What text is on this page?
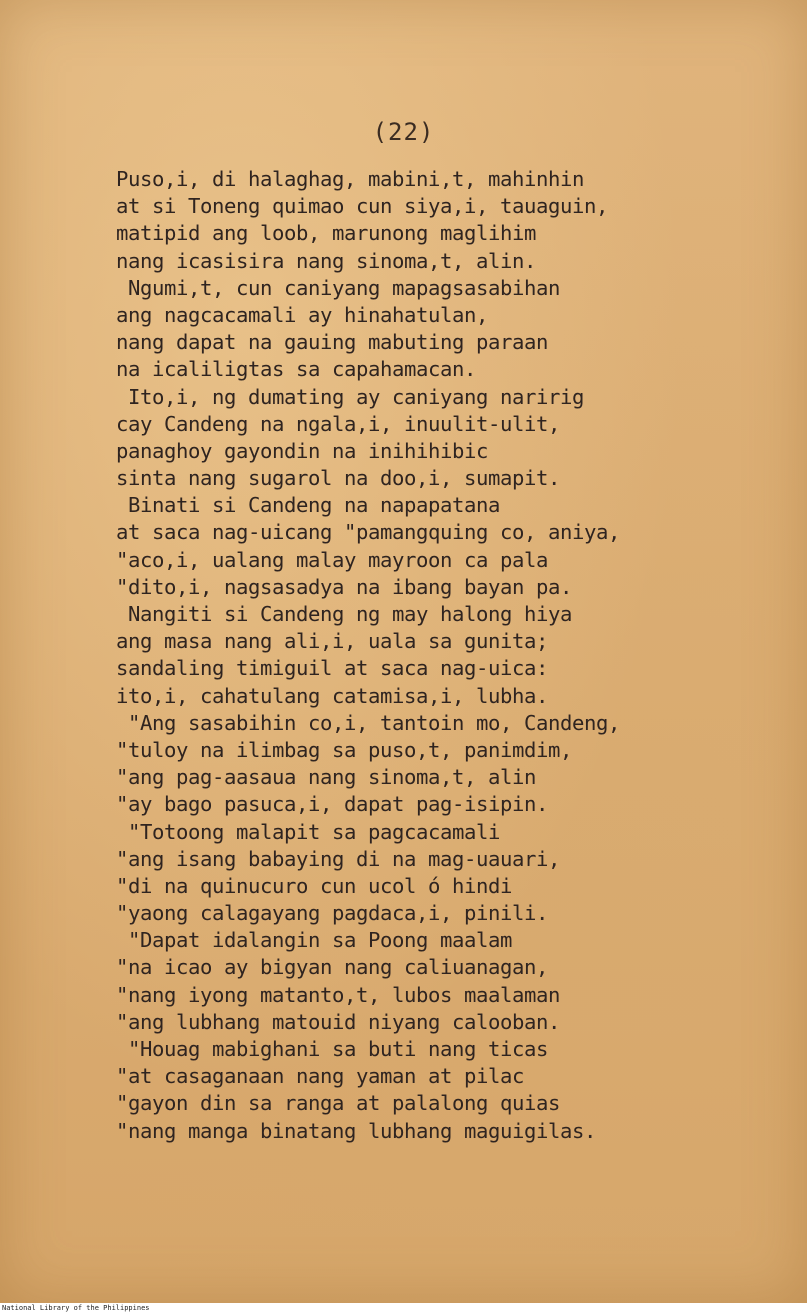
(22)
Puso,i, di halaghag, mabini,t, mahinhin
at si Toneng quimao cun siya,i, tauaguin,
matipid ang loob, marunong maglihim
nang icasisira nang sinoma,t, alin.
Ngumi,t, cun caniyang mapagsasabihan
ang nagcacamali ay hinahatulan,
nang dapat na gauing mabuting paraan
na icaliligtas sa capahamacan.
Ito,i, ng dumating ay caniyang naririg
cay Candeng na ngala,i, inuulit-ulit,
panaghoy gayondin na inihihibic
sinta nang sugarol na doo,i, sumapit.
Binati si Candeng na napapatana
at saca nag-uicang "pamangquing co, aniya,
"aco,i, ualang malay mayroon ca pala
"dito,i, nagsasadya na ibang bayan pa.
Nangiti si Candeng ng may halong hiya
ang masa nang ali,i, uala sa gunita;
sandaling timiguil at saca nag-uica:
ito,i, cahatulang catamisa,i, lubha.
"Ang sasabihin co,i, tantoin mo, Candeng,
"tuloy na ilimbag sa puso,t, panimdim,
"ang pag-aasaua nang sinoma,t, alin
"ay bago pasuca,i, dapat pag-isipin.
"Totoong malapit sa pagcacamali
"ang isang babaying di na mag-uauari,
"di na quinucuro cun ucol ó hindi
"yaong calagayang pagdaca,i, pinili.
"Dapat idalangin sa Poong maalam
"na icao ay bigyan nang caliuanagan,
"nang iyong matanto,t, lubos maalaman
"ang lubhang matouid niyang calooban.
"Houag mabighani sa buti nang ticas
"at casaganaan nang yaman at pilac
"gayon din sa ranga at palalong quias
"nang manga binatang lubhang maguigilas.
National Library of the Philippines
